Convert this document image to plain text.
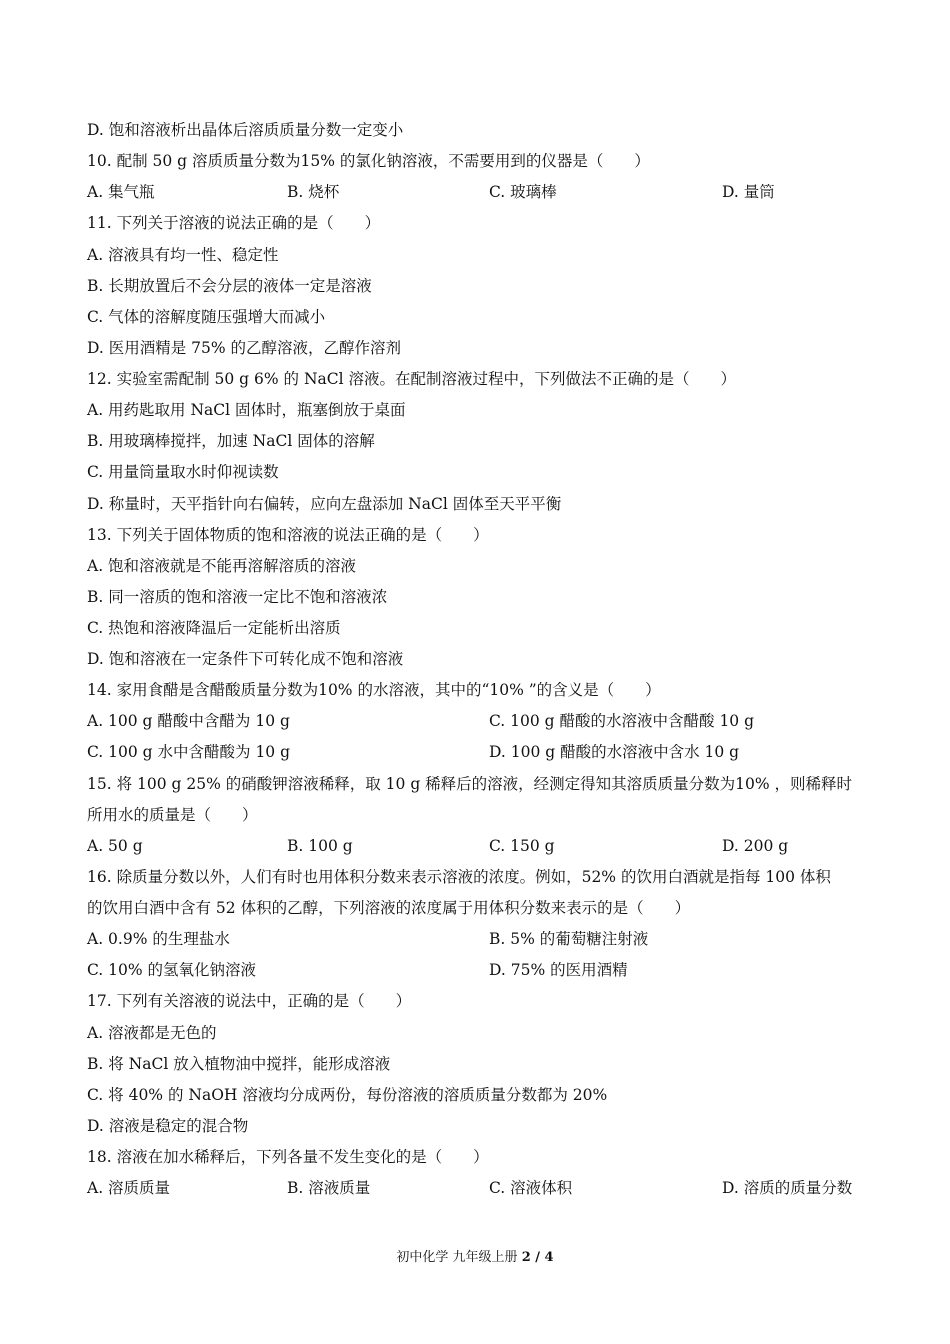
D. 饱和溶液析出晶体后溶质质量分数一定变小
10. 配制 50 g 溶质质量分数为15% 的氯化钠溶液，不需要用到的仪器是（　　）
A. 集气瓶	B. 烧杯	C. 玻璃棒	D. 量筒
11. 下列关于溶液的说法正确的是（　　）
A. 溶液具有均一性、稳定性
B. 长期放置后不会分层的液体一定是溶液
C. 气体的溶解度随压强增大而减小
D. 医用酒精是 75% 的乙醇溶液，乙醇作溶剂
12. 实验室需配制 50 g 6% 的 NaCl 溶液。在配制溶液过程中，下列做法不正确的是（　　）
A. 用药匙取用 NaCl 固体时，瓶塞倒放于桌面
B. 用玻璃棒搅拌，加速 NaCl 固体的溶解
C. 用量筒量取水时仰视读数
D. 称量时，天平指针向右偏转，应向左盘添加 NaCl 固体至天平平衡
13. 下列关于固体物质的饱和溶液的说法正确的是（　　）
A. 饱和溶液就是不能再溶解溶质的溶液
B. 同一溶质的饱和溶液一定比不饱和溶液浓
C. 热饱和溶液降温后一定能析出溶质
D. 饱和溶液在一定条件下可转化成不饱和溶液
14. 家用食醋是含醋酸质量分数为10% 的水溶液，其中的“10% ”的含义是（　　）
A. 100 g 醋酸中含醋为 10 g	C. 100 g 醋酸的水溶液中含醋酸 10 g
C. 100 g 水中含醋酸为 10 g	D. 100 g 醋酸的水溶液中含水 10 g
15. 将 100 g 25% 的硝酸钾溶液稀释，取 10 g 稀释后的溶液，经测定得知其溶质质量分数为10% ，则稀释时
所用水的质量是（　　）
A. 50 g	B. 100 g	C. 150 g	D. 200 g
16. 除质量分数以外，人们有时也用体积分数来表示溶液的浓度。例如，52% 的饮用白酒就是指每 100 体积
的饮用白酒中含有 52 体积的乙醇，下列溶液的浓度属于用体积分数来表示的是（　　）
A. 0.9% 的生理盐水	B. 5% 的葡萄糖注射液
C. 10% 的氢氧化钠溶液	D. 75% 的医用酒精
17. 下列有关溶液的说法中，正确的是（　　）
A. 溶液都是无色的
B. 将 NaCl 放入植物油中搅拌，能形成溶液
C. 将 40% 的 NaOH 溶液均分成两份，每份溶液的溶质质量分数都为 20%
D. 溶液是稳定的混合物
18. 溶液在加水稀释后，下列各量不发生变化的是（　　）
A. 溶质质量	B. 溶液质量	C. 溶液体积	D. 溶质的质量分数
初中化学 九年级上册 2 / 4
